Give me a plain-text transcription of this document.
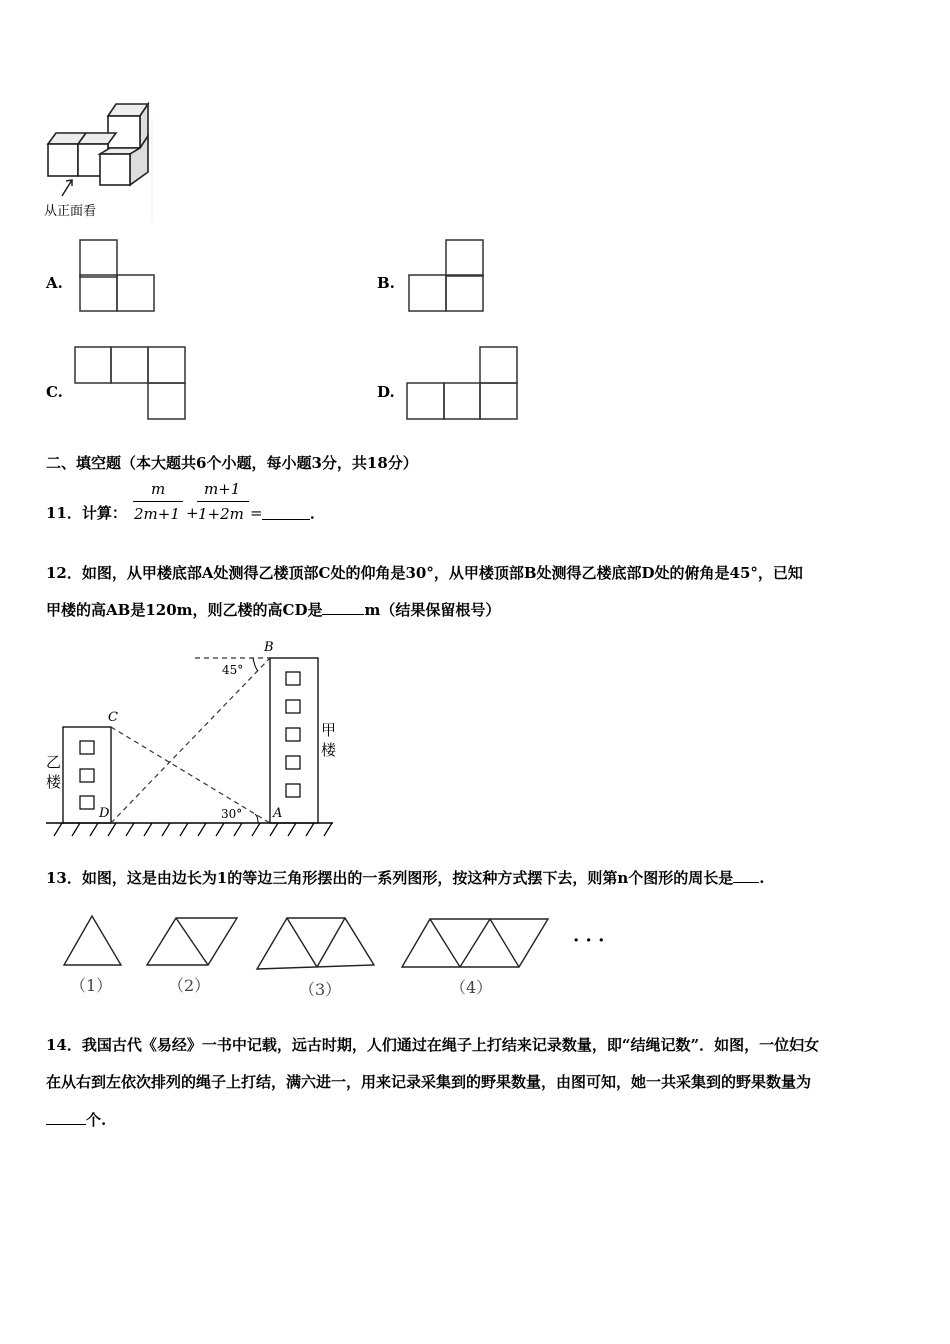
从正面看
A.	B.
C.	D.
二、填空题（本大题共6个小题，每小题3分，共18分）
11．计算：
m
2m+1 +
m+1
1+2m =	．
12．如图，从甲楼底部A处测得乙楼顶部C处的仰角是30°，从甲楼顶部B处测得乙楼底部D处的俯角是45°，已知
甲楼的高AB是120m，则乙楼的高CD是	m（结果保留根号）
B
C
D	A
45°
30°
甲楼
乙楼
13．如图，这是由边长为1的等边三角形摆出的一系列图形，按这种方式摆下去，则第n个图形的周长是 .
（1）	（2）	（3）	（4）
· · ·
14．我国古代《易经》一书中记载，远古时期，人们通过在绳子上打结来记录数量，即“结绳记数”．如图，一位妇女
在从右到左依次排列的绳子上打结，满六进一，用来记录采集到的野果数量，由图可知，她一共采集到的野果数量为
个.
